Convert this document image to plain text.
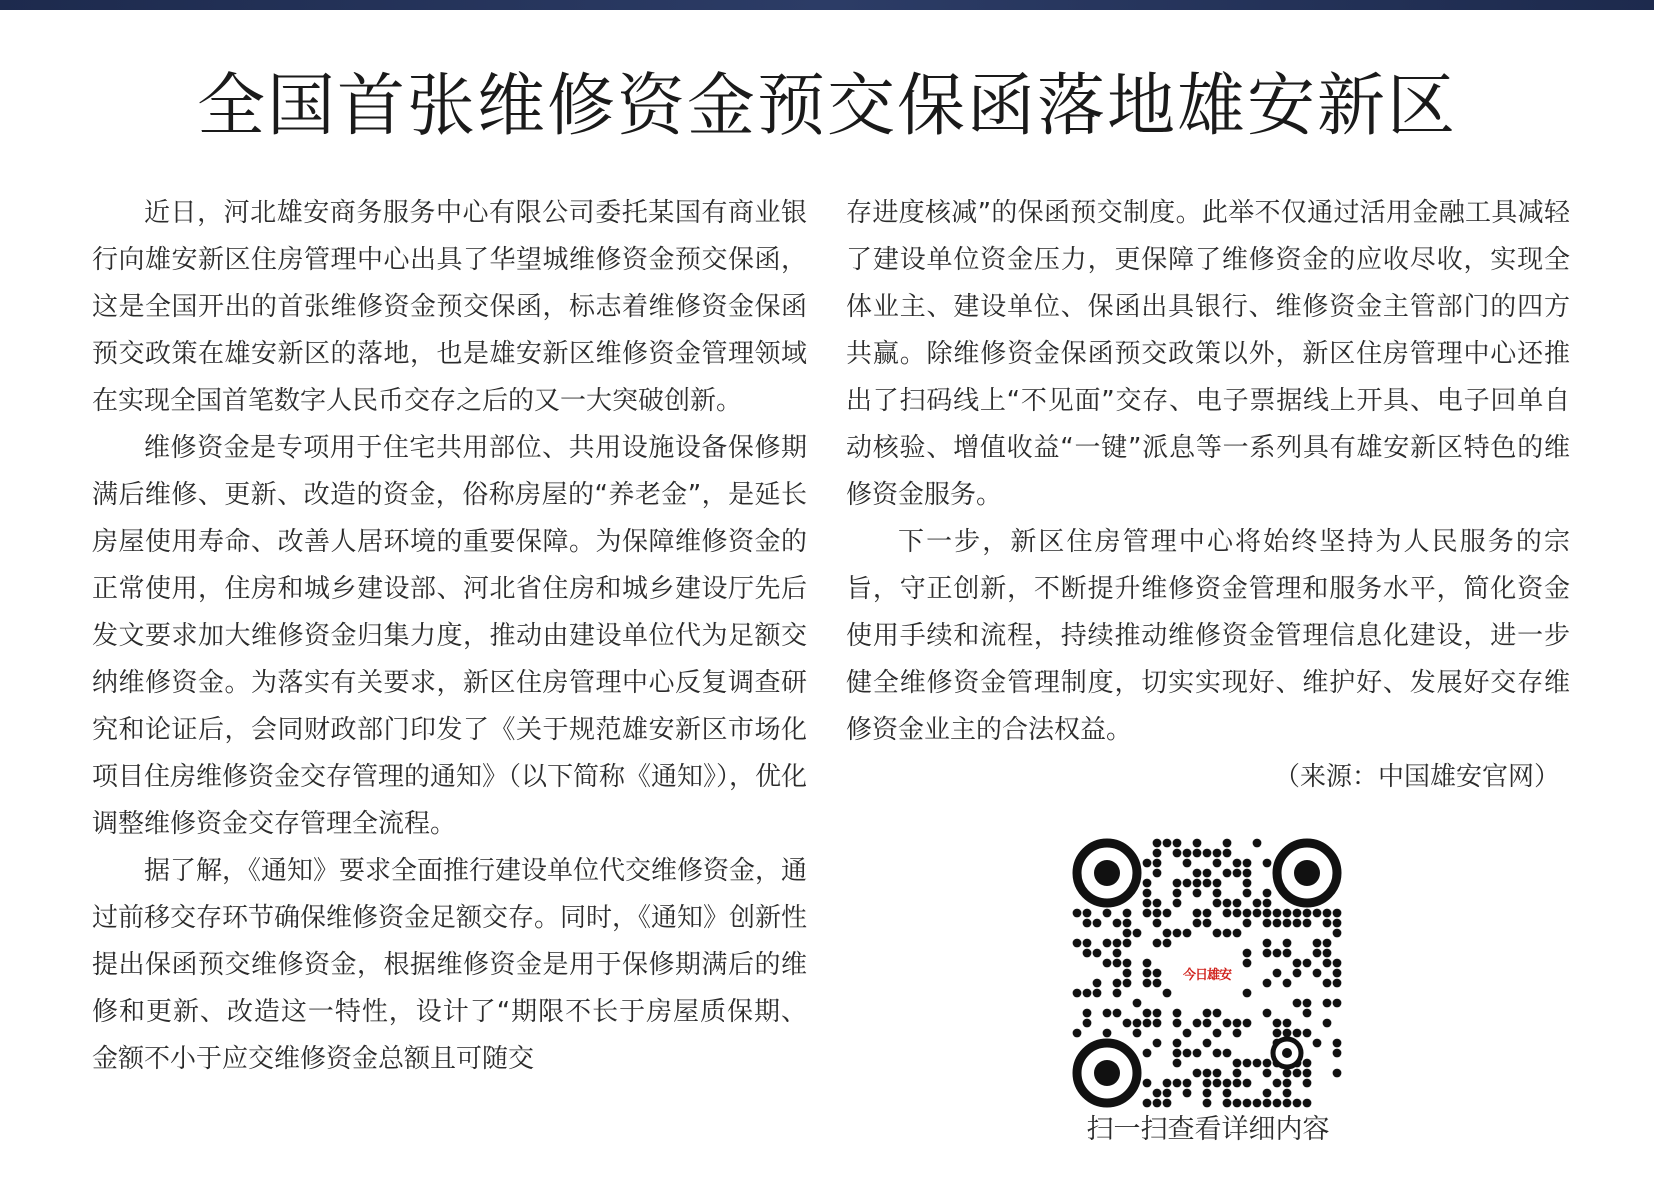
全国首张维修资金预交保函落地雄安新区

近日，河北雄安商务服务中心有限公司委托某国有商业银行向雄安新区住房管理中心出具了华望城维修资金预交保函，这是全国开出的首张维修资金预交保函，标志着维修资金保函预交政策在雄安新区的落地，也是雄安新区维修资金管理领域在实现全国首笔数字人民币交存之后的又一大突破创新。

维修资金是专项用于住宅共用部位、共用设施设备保修期满后维修、更新、改造的资金，俗称房屋的“养老金”，是延长房屋使用寿命、改善人居环境的重要保障。为保障维修资金的正常使用，住房和城乡建设部、河北省住房和城乡建设厅先后发文要求加大维修资金归集力度，推动由建设单位代为足额交纳维修资金。为落实有关要求，新区住房管理中心反复调查研究和论证后，会同财政部门印发了《关于规范雄安新区市场化项目住房维修资金交存管理的通知》（以下简称《通知》），优化调整维修资金交存管理全流程。

据了解，《通知》要求全面推行建设单位代交维修资金，通过前移交存环节确保维修资金足额交存。同时，《通知》创新性提出保函预交维修资金，根据维修资金是用于保修期满后的维修和更新、改造这一特性，设计了“期限不长于房屋质保期、金额不小于应交维修资金总额且可随交

存进度核减”的保函预交制度。此举不仅通过活用金融工具减轻了建设单位资金压力，更保障了维修资金的应收尽收，实现全体业主、建设单位、保函出具银行、维修资金主管部门的四方共赢。除维修资金保函预交政策以外，新区住房管理中心还推出了扫码线上“不见面”交存、电子票据线上开具、电子回单自动核验、增值收益“一键”派息等一系列具有雄安新区特色的维修资金服务。

下一步，新区住房管理中心将始终坚持为人民服务的宗旨，守正创新，不断提升维修资金管理和服务水平，简化资金使用手续和流程，持续推动维修资金管理信息化建设，进一步健全维修资金管理制度，切实实现好、维护好、发展好交存维修资金业主的合法权益。

（来源：中国雄安官网）

今日雄安
扫一扫查看详细内容
